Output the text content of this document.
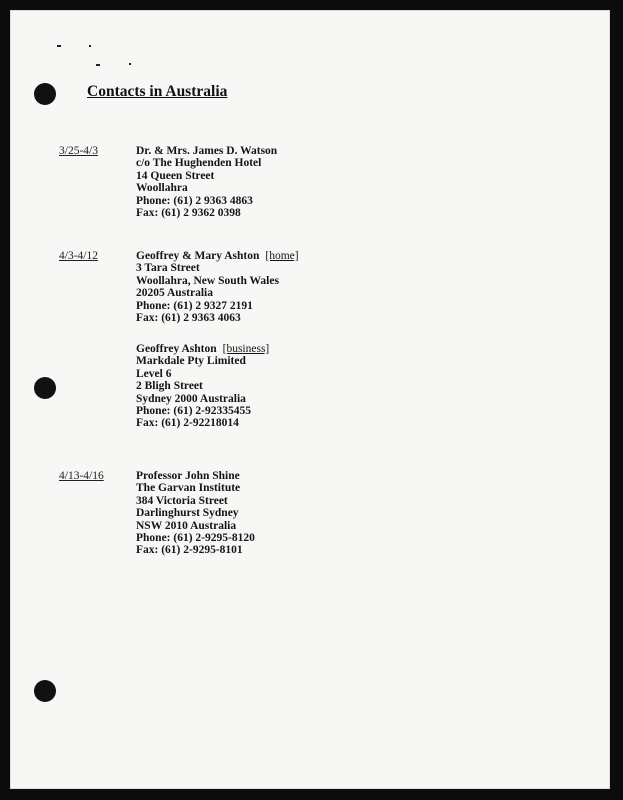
Contacts in Australia
3/25-4/3	Dr. & Mrs. James D. Watson
c/o The Hughenden Hotel
14 Queen Street
Woollahra
Phone: (61) 2 9363 4863
Fax: (61) 2 9362 0398
4/3-4/12	Geoffrey & Mary Ashton [home]
3 Tara Street
Woollahra, New South Wales
20205 Australia
Phone: (61) 2 9327 2191
Fax: (61) 2 9363 4063
Geoffrey Ashton [business]
Markdale Pty Limited
Level 6
2 Bligh Street
Sydney 2000 Australia
Phone: (61) 2-92335455
Fax: (61) 2-92218014
4/13-4/16	Professor John Shine
The Garvan Institute
384 Victoria Street
Darlinghurst Sydney
NSW 2010 Australia
Phone: (61) 2-9295-8120
Fax: (61) 2-9295-8101
